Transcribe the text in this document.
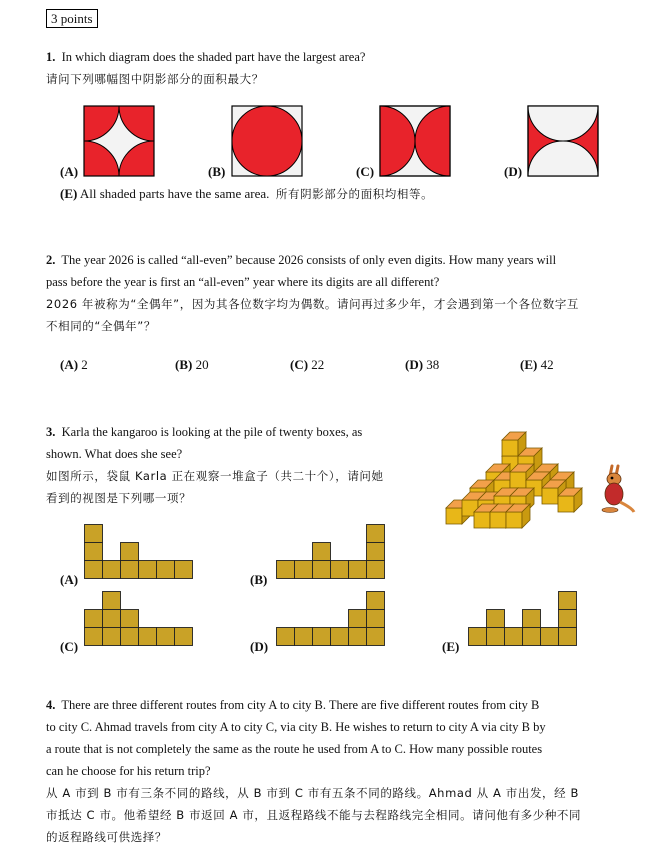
3 points
1. In which diagram does the shaded part have the largest area?
请问下列哪幅图中阴影部分的面积最大？
(A)	(B)	(C)	(D)
(E) All shaded parts have the same area. 所有阴影部分的面积均相等。
2. The year 2026 is called “all-even” because 2026 consists of only even digits. How many years will
pass before the year is first an “all-even” year where its digits are all different?
2026 年被称为“全偶年”，因为其各位数字均为偶数。请问再过多少年，才会遇到第一个各位数字互
不相同的“全偶年”？
(A) 2	(B) 20	(C) 22	(D) 38	(E) 42
3. Karla the kangaroo is looking at the pile of twenty boxes, as
shown. What does she see?
如图所示，袋鼠 Karla 正在观察一堆盒子（共二十个），请问她
看到的视图是下列哪一项？
(A)	(B)
(C)	(D)	(E)
4. There are three different routes from city A to city B. There are five different routes from city B
to city C. Ahmad travels from city A to city C, via city B. He wishes to return to city A via city B by
a route that is not completely the same as the route he used from A to C. How many possible routes
can he choose for his return trip?
从 A 市到 B 市有三条不同的路线，从 B 市到 C 市有五条不同的路线。Ahmad 从 A 市出发，经 B
市抵达 C 市。他希望经 B 市返回 A 市，且返程路线不能与去程路线完全相同。请问他有多少种不同
的返程路线可供选择？
